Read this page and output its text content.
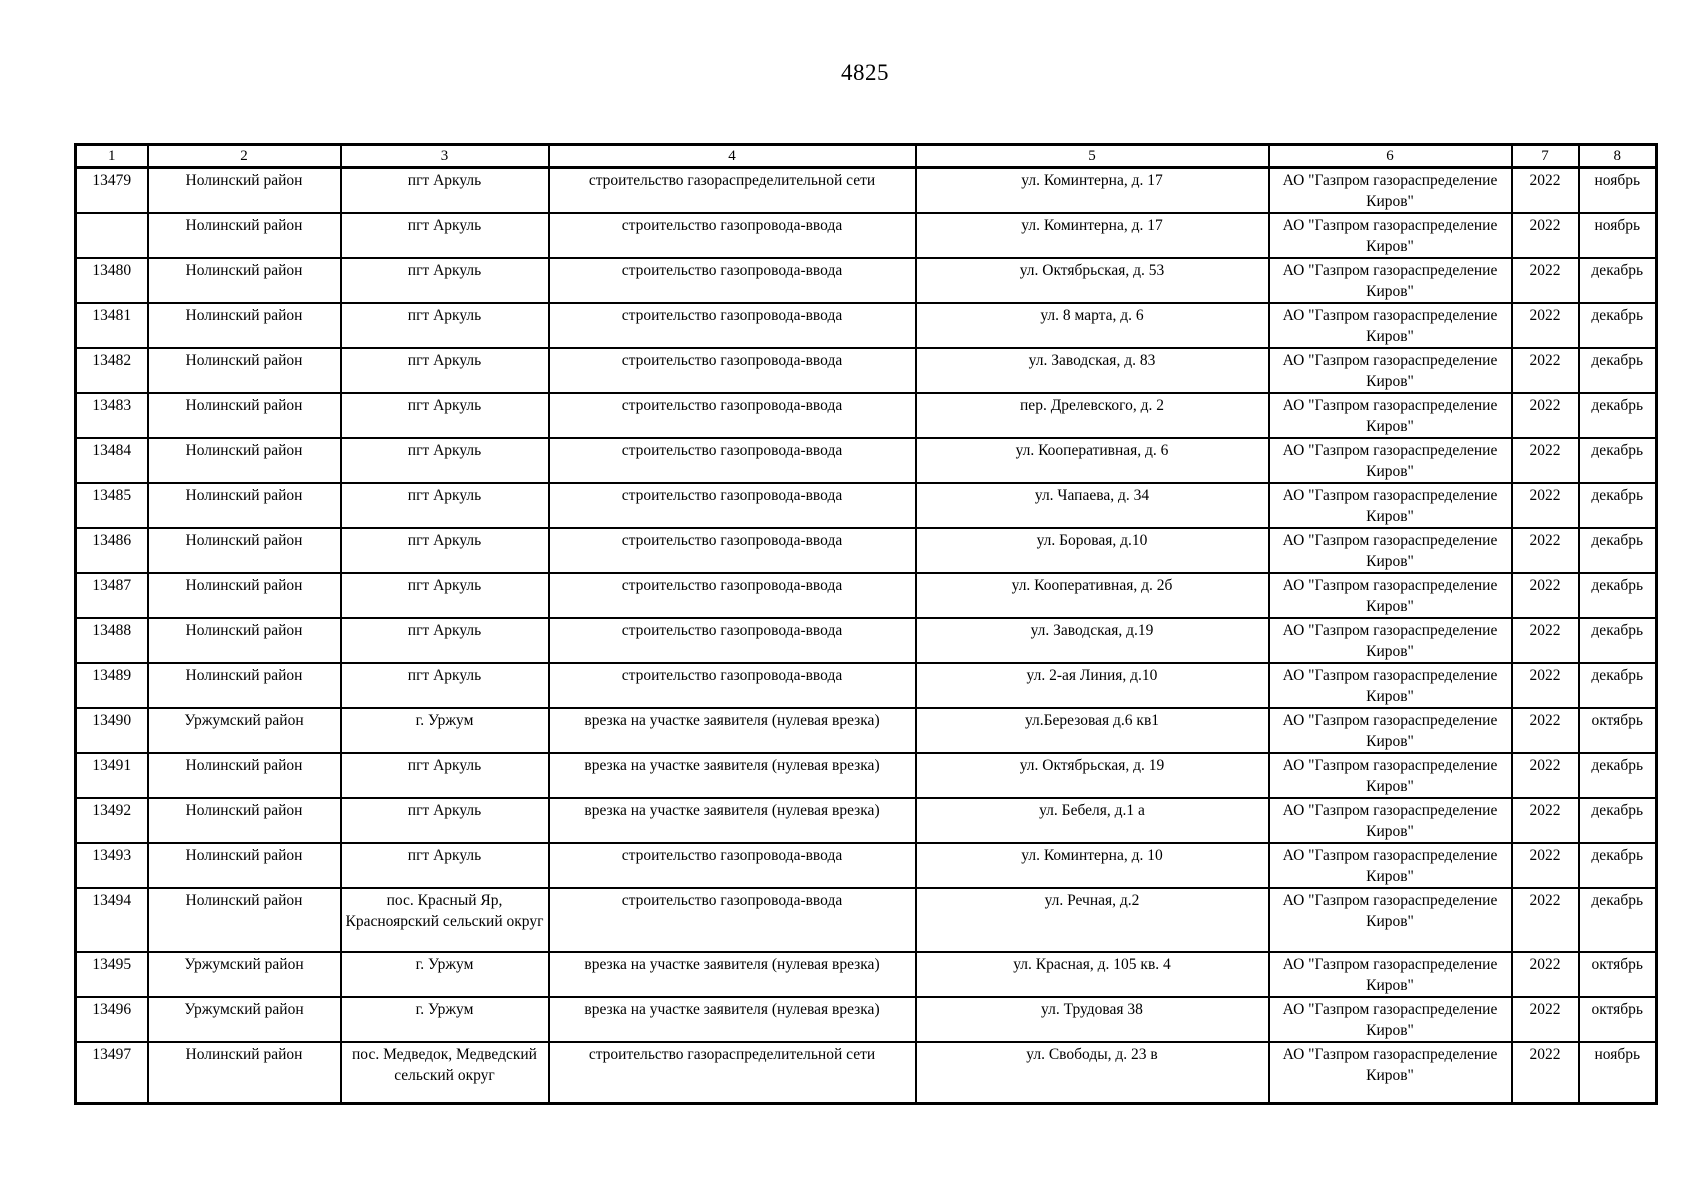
4825
1	2	3	4	5	6	7	8
13479	Нолинский район	пгт Аркуль	строительство газораспределительной сети	ул. Коминтерна, д. 17	АО "Газпром газораспределение Киров"	2022	ноябрь
	Нолинский район	пгт Аркуль	строительство газопровода-ввода	ул. Коминтерна, д. 17	АО "Газпром газораспределение Киров"	2022	ноябрь
13480	Нолинский район	пгт Аркуль	строительство газопровода-ввода	ул. Октябрьская, д. 53	АО "Газпром газораспределение Киров"	2022	декабрь
13481	Нолинский район	пгт Аркуль	строительство газопровода-ввода	ул. 8 марта, д. 6	АО "Газпром газораспределение Киров"	2022	декабрь
13482	Нолинский район	пгт Аркуль	строительство газопровода-ввода	ул. Заводская, д. 83	АО "Газпром газораспределение Киров"	2022	декабрь
13483	Нолинский район	пгт Аркуль	строительство газопровода-ввода	пер. Дрелевского, д. 2	АО "Газпром газораспределение Киров"	2022	декабрь
13484	Нолинский район	пгт Аркуль	строительство газопровода-ввода	ул. Кооперативная, д. 6	АО "Газпром газораспределение Киров"	2022	декабрь
13485	Нолинский район	пгт Аркуль	строительство газопровода-ввода	ул. Чапаева, д. 34	АО "Газпром газораспределение Киров"	2022	декабрь
13486	Нолинский район	пгт Аркуль	строительство газопровода-ввода	ул. Боровая, д.10	АО "Газпром газораспределение Киров"	2022	декабрь
13487	Нолинский район	пгт Аркуль	строительство газопровода-ввода	ул. Кооперативная, д. 2б	АО "Газпром газораспределение Киров"	2022	декабрь
13488	Нолинский район	пгт Аркуль	строительство газопровода-ввода	ул. Заводская, д.19	АО "Газпром газораспределение Киров"	2022	декабрь
13489	Нолинский район	пгт Аркуль	строительство газопровода-ввода	ул. 2-ая Линия, д.10	АО "Газпром газораспределение Киров"	2022	декабрь
13490	Уржумский район	г. Уржум	врезка на участке заявителя (нулевая врезка)	ул.Березовая д.6 кв1	АО "Газпром газораспределение Киров"	2022	октябрь
13491	Нолинский район	пгт Аркуль	врезка на участке заявителя (нулевая врезка)	ул. Октябрьская, д. 19	АО "Газпром газораспределение Киров"	2022	декабрь
13492	Нолинский район	пгт Аркуль	врезка на участке заявителя (нулевая врезка)	ул. Бебеля, д.1 а	АО "Газпром газораспределение Киров"	2022	декабрь
13493	Нолинский район	пгт Аркуль	строительство газопровода-ввода	ул. Коминтерна, д. 10	АО "Газпром газораспределение Киров"	2022	декабрь
13494	Нолинский район	пос. Красный Яр, Красноярский сельский округ	строительство газопровода-ввода	ул. Речная, д.2	АО "Газпром газораспределение Киров"	2022	декабрь
13495	Уржумский район	г. Уржум	врезка на участке заявителя (нулевая врезка)	ул. Красная, д. 105 кв. 4	АО "Газпром газораспределение Киров"	2022	октябрь
13496	Уржумский район	г. Уржум	врезка на участке заявителя (нулевая врезка)	ул. Трудовая 38	АО "Газпром газораспределение Киров"	2022	октябрь
13497	Нолинский район	пос. Медведок, Медведский сельский округ	строительство газораспределительной сети	ул. Свободы, д. 23 в	АО "Газпром газораспределение Киров"	2022	ноябрь
